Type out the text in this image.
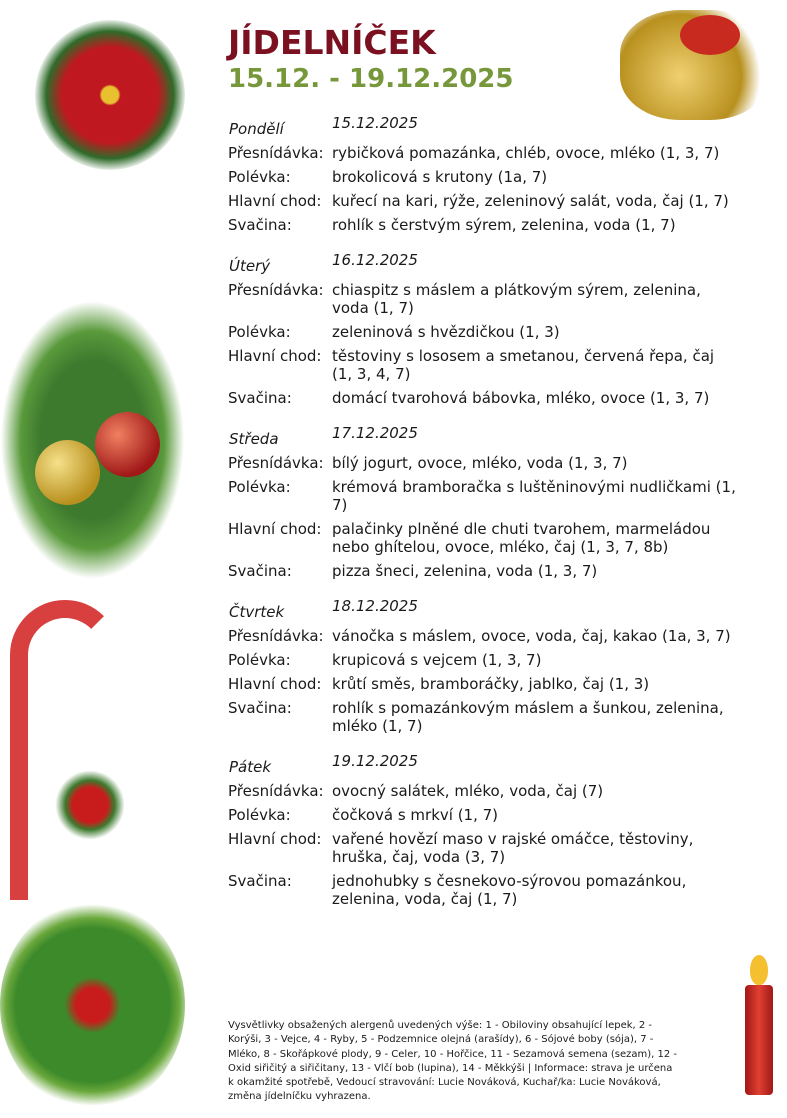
JÍDELNÍČEK
15.12. - 19.12.2025
Pondělí	15.12.2025
Přesnídávka: rybičková pomazánka, chléb, ovoce, mléko (1, 3, 7)
Polévka:	brokolicová s krutony (1a, 7)
Hlavní chod: kuřecí na kari, rýže, zeleninový salát, voda, čaj (1, 7)
Svačina:	rohlík s čerstvým sýrem, zelenina, voda (1, 7)
Úterý	16.12.2025
Přesnídávka: chiaspitz s máslem a plátkovým sýrem, zelenina, voda (1, 7)
Polévka:	zeleninová s hvězdičkou (1, 3)
Hlavní chod: těstoviny s lososem a smetanou, červená řepa, čaj (1, 3, 4, 7)
Svačina:	domácí tvarohová bábovka, mléko, ovoce (1, 3, 7)
Středa	17.12.2025
Přesnídávka: bílý jogurt, ovoce, mléko, voda (1, 3, 7)
Polévka:	krémová bramboračka s luštěninovými nudličkami (1, 7)
Hlavní chod: palačinky plněné dle chuti tvarohem, marmeládou nebo ghítelou, ovoce, mléko, čaj (1, 3, 7, 8b)
Svačina:	pizza šneci, zelenina, voda (1, 3, 7)
Čtvrtek	18.12.2025
Přesnídávka: vánočka s máslem, ovoce, voda, čaj, kakao (1a, 3, 7)
Polévka:	krupicová s vejcem (1, 3, 7)
Hlavní chod: krůtí směs, bramboráčky, jablko, čaj (1, 3)
Svačina:	rohlík s pomazánkovým máslem a šunkou, zelenina, mléko (1, 7)
Pátek	19.12.2025
Přesnídávka: ovocný salátek, mléko, voda, čaj (7)
Polévka:	čočková s mrkví (1, 7)
Hlavní chod: vařené hovězí maso v rajské omáčce, těstoviny, hruška, čaj, voda (3, 7)
Svačina:	jednohubky s česnekovo-sýrovou pomazánkou, zelenina, voda, čaj (1, 7)
Vysvětlivky obsažených alergenů uvedených výše: 1 - Obiloviny obsahující lepek, 2 - Korýši, 3 - Vejce, 4 - Ryby, 5 - Podzemnice olejná (arašídy), 6 - Sójové boby (sója), 7 - Mléko, 8 - Skořápkové plody, 9 - Celer, 10 - Hořčice, 11 - Sezamová semena (sezam), 12 - Oxid siřičitý a siřičitany, 13 - Vlčí bob (lupina), 14 - Měkkýši | Informace: strava je určena k okamžité spotřebě, Vedoucí stravování: Lucie Nováková, Kuchař/ka: Lucie Nováková, změna jídelníčku vyhrazena.
